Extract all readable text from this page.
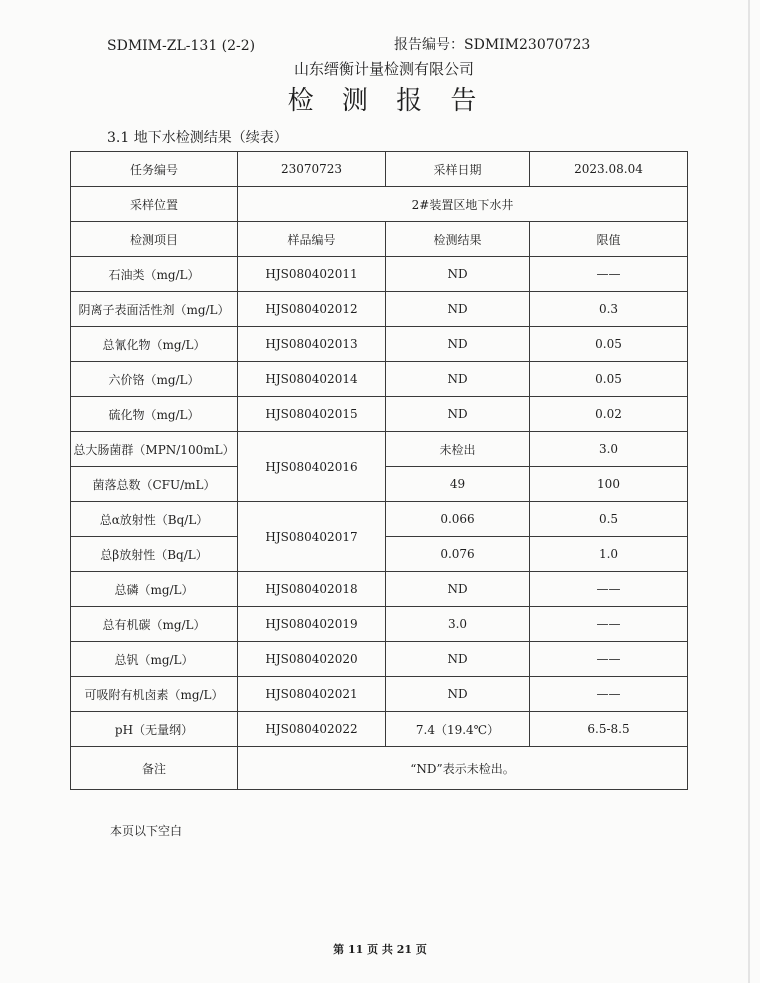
SDMIM-ZL-131 (2-2)	报告编号：SDMIM23070723
山东缙衡计量检测有限公司
检 测 报 告
3.1 地下水检测结果（续表）
任务编号	23070723	采样日期	2023.08.04
采样位置	2#装置区地下水井		
检测项目	样品编号	检测结果	限值
石油类（mg/L）	HJS080402011	ND	——
阴离子表面活性剂（mg/L）	HJS080402012	ND	0.3
总氰化物（mg/L）	HJS080402013	ND	0.05
六价铬（mg/L）	HJS080402014	ND	0.05
硫化物（mg/L）	HJS080402015	ND	0.02
总大肠菌群（MPN/100mL）	HJS080402016	未检出	3.0
菌落总数（CFU/mL）		49	100
总α放射性（Bq/L）	HJS080402017	0.066	0.5
总β放射性（Bq/L）		0.076	1.0
总磷（mg/L）	HJS080402018	ND	——
总有机碳（mg/L）	HJS080402019	3.0	——
总钒（mg/L）	HJS080402020	ND	——
可吸附有机卤素（mg/L）	HJS080402021	ND	——
pH（无量纲）	HJS080402022	7.4（19.4℃）	6.5-8.5
备注	“ND”表示未检出。		
本页以下空白
第 11 页 共 21 页
